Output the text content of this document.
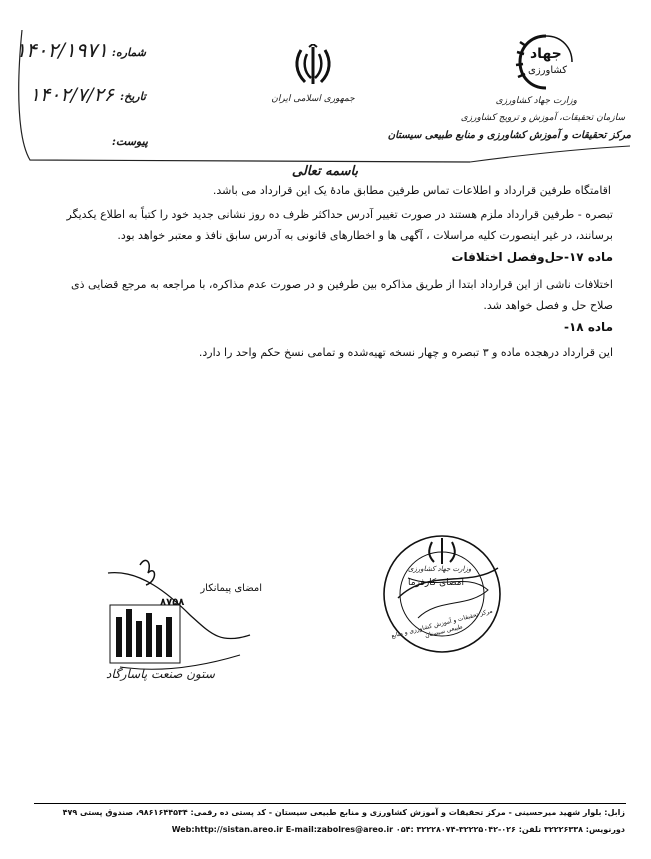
جهاد
کشاورزی
وزارت جهاد کشاورزی
سازمان تحقیقات، آموزش و ترویج کشاورزی
مرکز تحقیقات و آموزش کشاورزی و منابع طبیعی سیستان
جمهوری اسلامی ایران
شماره:
۱۴۰۲/۱۹۷۱
تاریخ:
۱۴۰۲/۷/۲۶
پیوست:
باسمه تعالی
اقامتگاه طرفین قرارداد و اطلاعات تماس طرفین مطابق مادهٔ یک این قرارداد می باشد.
تبصره - طرفین قرارداد ملزم هستند در صورت تغییر آدرس حداکثر ظرف ده روز نشانی جدید خود را کتباً به اطلاع یکدیگر
برسانند، در غیر اینصورت کلیه مراسلات ، آگهی ها و اخطارهای قانونی به آدرس سابق نافذ و معتبر خواهد بود.
ماده ۱۷-حل‌وفصل اختلافات
اختلافات ناشی از این قرارداد ابتدا از طریق مذاکره بین طرفین و در صورت عدم مذاکره، با مراجعه به مرجع قضایی ذی
صلاح حل و فصل خواهد شد.
ماده ۱۸-
این قرارداد درهجده ماده و ۳ تبصره و چهار نسخه تهیه‌شده و تمامی نسخ حکم واحد را دارد.
امضای پیمانکار
۸۷۵۸
ستون صنعت پاسارگاد
امضای کارفرما
وزارت جهاد کشاورزی
مرکز تحقیقات و آموزش کشاورزی و منابع طبیعی سیستان
زابل: بلوار شهید میرحسینی - مرکز تحقیقات و آموزش کشاورزی و منابع طبیعی سیستان - کد پستی ده رقمی: ۹۸۶۱۶۴۴۵۳۴، صندوق پستی ۴۷۹
دورنویس: ۳۲۲۲۶۳۳۸ تلفن: ۰۲۶-۳۲۲۲۵۰۴۲-۳۲۲۲۸۰۷۴ :۰۵۴ Web:http://sistan.areo.ir E-mail:zabolres@areo.ir
